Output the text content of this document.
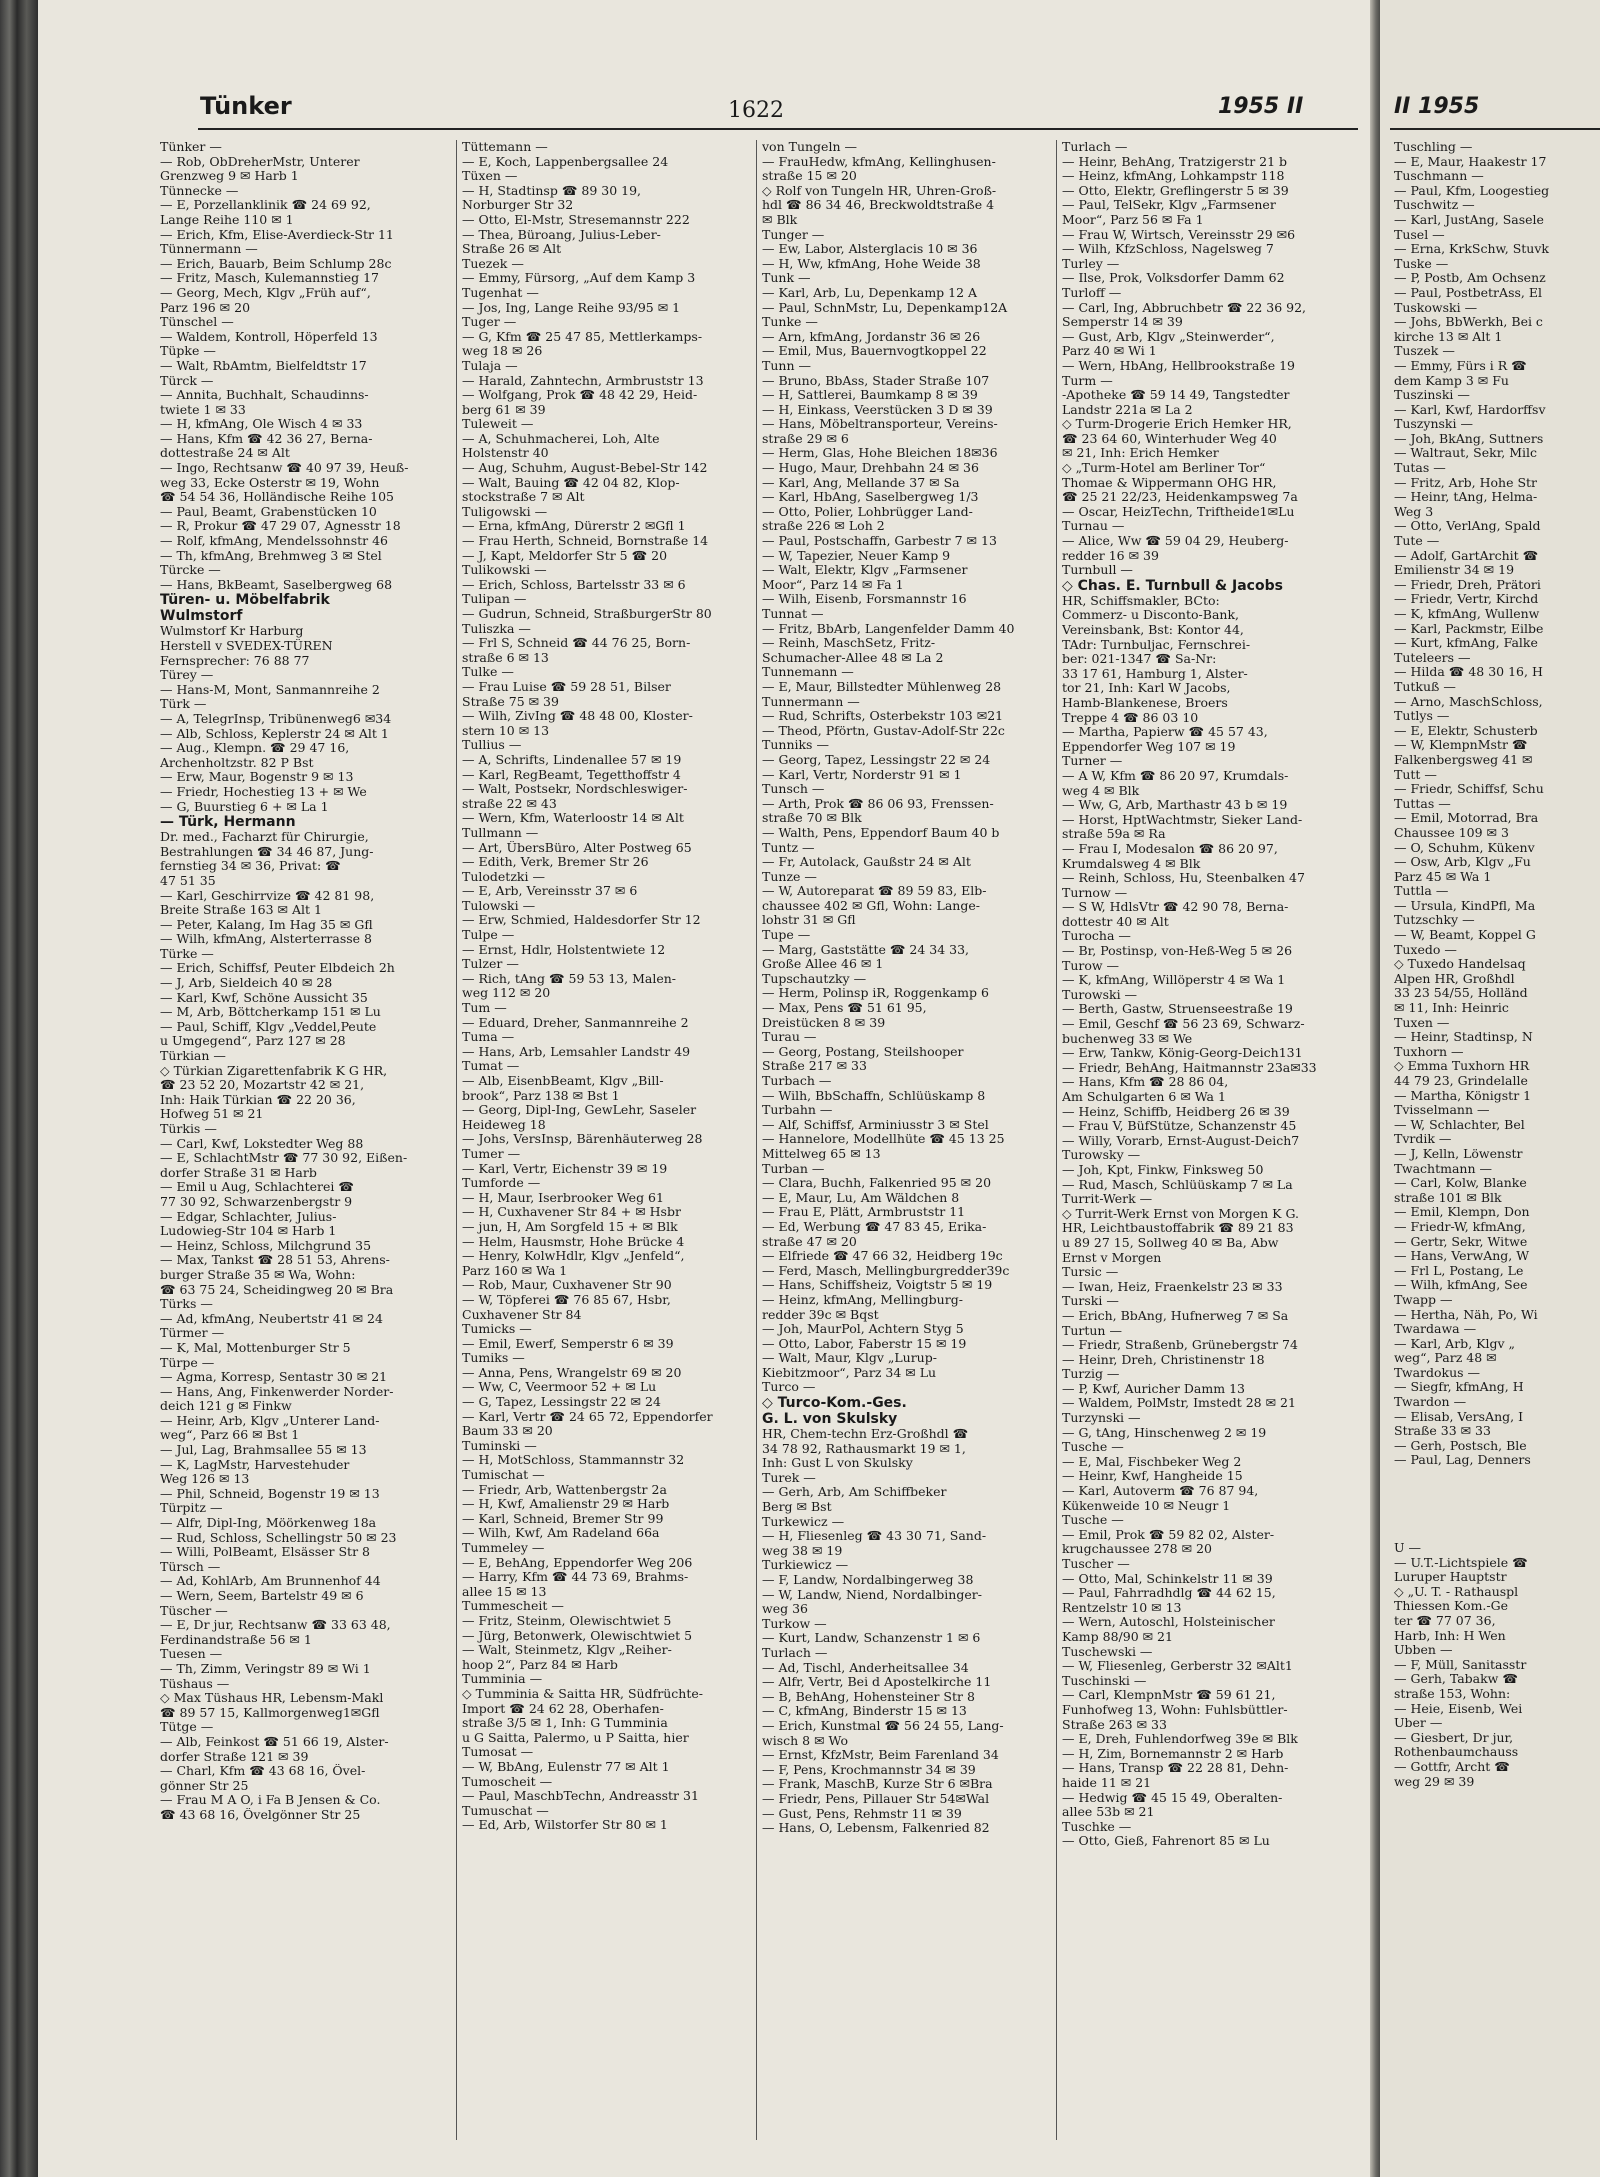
Tünker	1622	1955 II
Tünker —
— Rob, ObDreherMstr, Unterer
Grenzweg 9 ✉ Harb 1
Tünnecke —
— E, Porzellanklinik ☎ 24 69 92,
Lange Reihe 110 ✉ 1
— Erich, Kfm, Elise-Averdieck-Str 11
Tünnermann —
— Erich, Bauarb, Beim Schlump 28c
— Fritz, Masch, Kulemannstieg 17
— Georg, Mech, Klgv „Früh auf“,
Parz 196 ✉ 20
Tünschel —
— Waldem, Kontroll, Höperfeld 13
Tüpke —
— Walt, RbAmtm, Bielfeldtstr 17
Türck —
— Annita, Buchhalt, Schaudinns-
twiete 1 ✉ 33
— H, kfmAng, Ole Wisch 4 ✉ 33
— Hans, Kfm ☎ 42 36 27, Berna-
dottestraße 24 ✉ Alt
— Ingo, Rechtsanw ☎ 40 97 39, Heuß-
weg 33, Ecke Osterstr ✉ 19, Wohn
☎ 54 54 36, Holländische Reihe 105
— Paul, Beamt, Grabenstücken 10
— R, Prokur ☎ 47 29 07, Agnesstr 18
— Rolf, kfmAng, Mendelssohnstr 46
— Th, kfmAng, Brehmweg 3 ✉ Stel
Türcke —
— Hans, BkBeamt, Saselbergweg 68
Türen- u. Möbelfabrik
Wulmstorf
Wulmstorf Kr Harburg
Herstell v SVEDEX-TÜREN
Fernsprecher: 76 88 77
Türey —
— Hans-M, Mont, Sanmannreihe 2
Türk —
— A, TelegrInsp, Tribünenweg6 ✉34
— Alb, Schloss, Keplerstr 24 ✉ Alt 1
— Aug., Klempn. ☎ 29 47 16,
Archenholtzstr. 82 P Bst
— Erw, Maur, Bogenstr 9 ✉ 13
— Friedr, Hochestieg 13 + ✉ We
— G, Buurstieg 6 + ✉ La 1
— Türk, Hermann
Dr. med., Facharzt für Chirurgie,
Bestrahlungen ☎ 34 46 87, Jung-
fernstieg 34 ✉ 36, Privat: ☎
47 51 35
— Karl, Geschirrvize ☎ 42 81 98,
Breite Straße 163 ✉ Alt 1
— Peter, Kalang, Im Hag 35 ✉ Gfl
— Wilh, kfmAng, Alsterterrasse 8
Türke —
— Erich, Schiffsf, Peuter Elbdeich 2h
— J, Arb, Sieldeich 40 ✉ 28
— Karl, Kwf, Schöne Aussicht 35
— M, Arb, Böttcherkamp 151 ✉ Lu
— Paul, Schiff, Klgv „Veddel,Peute
u Umgegend“, Parz 127 ✉ 28
Türkian —
◇ Türkian Zigarettenfabrik K G HR,
☎ 23 52 20, Mozartstr 42 ✉ 21,
Inh: Haik Türkian ☎ 22 20 36,
Hofweg 51 ✉ 21
Türkis —
— Carl, Kwf, Lokstedter Weg 88
— E, SchlachtMstr ☎ 77 30 92, Eißen-
dorfer Straße 31 ✉ Harb
— Emil u Aug, Schlachterei ☎
77 30 92, Schwarzenbergstr 9
— Edgar, Schlachter, Julius-
Ludowieg-Str 104 ✉ Harb 1
— Heinz, Schloss, Milchgrund 35
— Max, Tankst ☎ 28 51 53, Ahrens-
burger Straße 35 ✉ Wa, Wohn:
☎ 63 75 24, Scheidingweg 20 ✉ Bra
Türks —
— Ad, kfmAng, Neubertstr 41 ✉ 24
Türmer —
— K, Mal, Mottenburger Str 5
Türpe —
— Agma, Korresp, Sentastr 30 ✉ 21
— Hans, Ang, Finkenwerder Norder-
deich 121 g ✉ Finkw
— Heinr, Arb, Klgv „Unterer Land-
weg“, Parz 66 ✉ Bst 1
— Jul, Lag, Brahmsallee 55 ✉ 13
— K, LagMstr, Harvestehuder
Weg 126 ✉ 13
— Phil, Schneid, Bogenstr 19 ✉ 13
Türpitz —
— Alfr, Dipl-Ing, Möörkenweg 18a
— Rud, Schloss, Schellingstr 50 ✉ 23
— Willi, PolBeamt, Elsässer Str 8
Türsch —
— Ad, KohlArb, Am Brunnenhof 44
— Wern, Seem, Bartelstr 49 ✉ 6
Tüscher —
— E, Dr jur, Rechtsanw ☎ 33 63 48,
Ferdinandstraße 56 ✉ 1
Tuesen —
— Th, Zimm, Veringstr 89 ✉ Wi 1
Tüshaus —
◇ Max Tüshaus HR, Lebensm-Makl
☎ 89 57 15, Kallmorgenweg1✉Gfl
Tütge —
— Alb, Feinkost ☎ 51 66 19, Alster-
dorfer Straße 121 ✉ 39
— Charl, Kfm ☎ 43 68 16, Övel-
gönner Str 25
— Frau M A O, i Fa B Jensen & Co.
☎ 43 68 16, Övelgönner Str 25
Tüttemann —
— E, Koch, Lappenbergsallee 24
Tüxen —
— H, Stadtinsp ☎ 89 30 19,
Norburger Str 32
— Otto, El-Mstr, Stresemannstr 222
— Thea, Büroang, Julius-Leber-
Straße 26 ✉ Alt
Tuezek —
— Emmy, Fürsorg, „Auf dem Kamp 3
Tugenhat —
— Jos, Ing, Lange Reihe 93/95 ✉ 1
Tuger —
— G, Kfm ☎ 25 47 85, Mettlerkamps-
weg 18 ✉ 26
Tulaja —
— Harald, Zahntechn, Armbruststr 13
— Wolfgang, Prok ☎ 48 42 29, Heid-
berg 61 ✉ 39
Tuleweit —
— A, Schuhmacherei, Loh, Alte
Holstenstr 40
— Aug, Schuhm, August-Bebel-Str 142
— Walt, Bauing ☎ 42 04 82, Klop-
stockstraße 7 ✉ Alt
Tuligowski —
— Erna, kfmAng, Dürerstr 2 ✉Gfl 1
— Frau Herth, Schneid, Bornstraße 14
— J, Kapt, Meldorfer Str 5 ☎ 20
Tulikowski —
— Erich, Schloss, Bartelsstr 33 ✉ 6
Tulipan —
— Gudrun, Schneid, StraßburgerStr 80
Tuliszka —
— Frl S, Schneid ☎ 44 76 25, Born-
straße 6 ✉ 13
Tulke —
— Frau Luise ☎ 59 28 51, Bilser
Straße 75 ✉ 39
— Wilh, ZivIng ☎ 48 48 00, Kloster-
stern 10 ✉ 13
Tullius —
— A, Schrifts, Lindenallee 57 ✉ 19
— Karl, RegBeamt, Tegetthoffstr 4
— Walt, Postsekr, Nordschleswiger-
straße 22 ✉ 43
— Wern, Kfm, Waterloostr 14 ✉ Alt
Tullmann —
— Art, ÜbersBüro, Alter Postweg 65
— Edith, Verk, Bremer Str 26
Tulodetzki —
— E, Arb, Vereinsstr 37 ✉ 6
Tulowski —
— Erw, Schmied, Haldesdorfer Str 12
Tulpe —
— Ernst, Hdlr, Holstentwiete 12
Tulzer —
— Rich, tAng ☎ 59 53 13, Malen-
weg 112 ✉ 20
Tum —
— Eduard, Dreher, Sanmannreihe 2
Tuma —
— Hans, Arb, Lemsahler Landstr 49
Tumat —
— Alb, EisenbBeamt, Klgv „Bill-
brook“, Parz 138 ✉ Bst 1
— Georg, Dipl-Ing, GewLehr, Saseler
Heideweg 18
— Johs, VersInsp, Bärenhäuterweg 28
Tumer —
— Karl, Vertr, Eichenstr 39 ✉ 19
Tumforde —
— H, Maur, Iserbrooker Weg 61
— H, Cuxhavener Str 84 + ✉ Hsbr
— jun, H, Am Sorgfeld 15 + ✉ Blk
— Helm, Hausmstr, Hohe Brücke 4
— Henry, KolwHdlr, Klgv „Jenfeld“,
Parz 160 ✉ Wa 1
— Rob, Maur, Cuxhavener Str 90
— W, Töpferei ☎ 76 85 67, Hsbr,
Cuxhavener Str 84
Tumicks —
— Emil, Ewerf, Semperstr 6 ✉ 39
Tumiks —
— Anna, Pens, Wrangelstr 69 ✉ 20
— Ww, C, Veermoor 52 + ✉ Lu
— G, Tapez, Lessingstr 22 ✉ 24
— Karl, Vertr ☎ 24 65 72, Eppendorfer
Baum 33 ✉ 20
Tuminski —
— H, MotSchloss, Stammannstr 32
Tumischat —
— Friedr, Arb, Wattenbergstr 2a
— H, Kwf, Amalienstr 29 ✉ Harb
— Karl, Schneid, Bremer Str 99
— Wilh, Kwf, Am Radeland 66a
Tummeley —
— E, BehAng, Eppendorfer Weg 206
— Harry, Kfm ☎ 44 73 69, Brahms-
allee 15 ✉ 13
Tummescheit —
— Fritz, Steinm, Olewischtwiet 5
— Jürg, Betonwerk, Olewischtwiet 5
— Walt, Steinmetz, Klgv „Reiher-
hoop 2“, Parz 84 ✉ Harb
Tumminia —
◇ Tumminia & Saitta HR, Südfrüchte-
Import ☎ 24 62 28, Oberhafen-
straße 3/5 ✉ 1, Inh: G Tumminia
u G Saitta, Palermo, u P Saitta, hier
Tumosat —
— W, BbAng, Eulenstr 77 ✉ Alt 1
Tumoscheit —
— Paul, MaschbTechn, Andreasstr 31
Tumuschat —
— Ed, Arb, Wilstorfer Str 80 ✉ 1
von Tungeln —
— FrauHedw, kfmAng, Kellinghusen-
straße 15 ✉ 20
◇ Rolf von Tungeln HR, Uhren-Groß-
hdl ☎ 86 34 46, Breckwoldtstraße 4
✉ Blk
Tunger —
— Ew, Labor, Alsterglacis 10 ✉ 36
— H, Ww, kfmAng, Hohe Weide 38
Tunk —
— Karl, Arb, Lu, Depenkamp 12 A
— Paul, SchnMstr, Lu, Depenkamp12A
Tunke —
— Arn, kfmAng, Jordanstr 36 ✉ 26
— Emil, Mus, Bauernvogtkoppel 22
Tunn —
— Bruno, BbAss, Stader Straße 107
— H, Sattlerei, Baumkamp 8 ✉ 39
— H, Einkass, Veerstücken 3 D ✉ 39
— Hans, Möbeltransporteur, Vereins-
straße 29 ✉ 6
— Herm, Glas, Hohe Bleichen 18✉36
— Hugo, Maur, Drehbahn 24 ✉ 36
— Karl, Ang, Mellande 37 ✉ Sa
— Karl, HbAng, Saselbergweg 1/3
— Otto, Polier, Lohbrügger Land-
straße 226 ✉ Loh 2
— Paul, Postschaffn, Garbestr 7 ✉ 13
— W, Tapezier, Neuer Kamp 9
— Walt, Elektr, Klgv „Farmsener
Moor“, Parz 14 ✉ Fa 1
— Wilh, Eisenb, Forsmannstr 16
Tunnat —
— Fritz, BbArb, Langenfelder Damm 40
— Reinh, MaschSetz, Fritz-
Schumacher-Allee 48 ✉ La 2
Tunnemann —
— E, Maur, Billstedter Mühlenweg 28
Tunnermann —
— Rud, Schrifts, Osterbekstr 103 ✉21
— Theod, Pförtn, Gustav-Adolf-Str 22c
Tunniks —
— Georg, Tapez, Lessingstr 22 ✉ 24
— Karl, Vertr, Norderstr 91 ✉ 1
Tunsch —
— Arth, Prok ☎ 86 06 93, Frenssen-
straße 70 ✉ Blk
— Walth, Pens, Eppendorf Baum 40 b
Tuntz —
— Fr, Autolack, Gaußstr 24 ✉ Alt
Tunze —
— W, Autoreparat ☎ 89 59 83, Elb-
chaussee 402 ✉ Gfl, Wohn: Lange-
lohstr 31 ✉ Gfl
Tupe —
— Marg, Gaststätte ☎ 24 34 33,
Große Allee 46 ✉ 1
Tupschautzky —
— Herm, Polinsp iR, Roggenkamp 6
— Max, Pens ☎ 51 61 95,
Dreistücken 8 ✉ 39
Turau —
— Georg, Postang, Steilshooper
Straße 217 ✉ 33
Turbach —
— Wilh, BbSchaffn, Schlüüskamp 8
Turbahn —
— Alf, Schiffsf, Arminiusstr 3 ✉ Stel
— Hannelore, Modellhüte ☎ 45 13 25
Mittelweg 65 ✉ 13
Turban —
— Clara, Buchh, Falkenried 95 ✉ 20
— E, Maur, Lu, Am Wäldchen 8
— Frau E, Plätt, Armbruststr 11
— Ed, Werbung ☎ 47 83 45, Erika-
straße 47 ✉ 20
— Elfriede ☎ 47 66 32, Heidberg 19c
— Ferd, Masch, Mellingburgredder39c
— Hans, Schiffsheiz, Voigtstr 5 ✉ 19
— Heinz, kfmAng, Mellingburg-
redder 39c ✉ Bqst
— Joh, MaurPol, Achtern Styg 5
— Otto, Labor, Faberstr 15 ✉ 19
— Walt, Maur, Klgv „Lurup-
Kiebitzmoor“, Parz 34 ✉ Lu
Turco —
◇ Turco-Kom.-Ges.
G. L. von Skulsky
HR, Chem-techn Erz-Großhdl ☎
34 78 92, Rathausmarkt 19 ✉ 1,
Inh: Gust L von Skulsky
Turek —
— Gerh, Arb, Am Schiffbeker
Berg ✉ Bst
Turkewicz —
— H, Fliesenleg ☎ 43 30 71, Sand-
weg 38 ✉ 19
Turkiewicz —
— F, Landw, Nordalbingerweg 38
— W, Landw, Niend, Nordalbinger-
weg 36
Turkow —
— Kurt, Landw, Schanzenstr 1 ✉ 6
Turlach —
— Ad, Tischl, Anderheitsallee 34
— Alfr, Vertr, Bei d Apostelkirche 11
— B, BehAng, Hohensteiner Str 8
— C, kfmAng, Binderstr 15 ✉ 13
— Erich, Kunstmal ☎ 56 24 55, Lang-
wisch 8 ✉ Wo
— Ernst, KfzMstr, Beim Farenland 34
— F, Pens, Krochmannstr 34 ✉ 39
— Frank, MaschB, Kurze Str 6 ✉Bra
— Friedr, Pens, Pillauer Str 54✉Wal
— Gust, Pens, Rehmstr 11 ✉ 39
— Hans, O, Lebensm, Falkenried 82
Turlach —
— Heinr, BehAng, Tratzigerstr 21 b
— Heinz, kfmAng, Lohkampstr 118
— Otto, Elektr, Greflingerstr 5 ✉ 39
— Paul, TelSekr, Klgv „Farmsener
Moor“, Parz 56 ✉ Fa 1
— Frau W, Wirtsch, Vereinsstr 29 ✉6
— Wilh, KfzSchloss, Nagelsweg 7
Turley —
— Ilse, Prok, Volksdorfer Damm 62
Turloff —
— Carl, Ing, Abbruchbetr ☎ 22 36 92,
Semperstr 14 ✉ 39
— Gust, Arb, Klgv „Steinwerder“,
Parz 40 ✉ Wi 1
— Wern, HbAng, Hellbrookstraße 19
Turm —
-Apotheke ☎ 59 14 49, Tangstedter
Landstr 221a ✉ La 2
◇ Turm-Drogerie Erich Hemker HR,
☎ 23 64 60, Winterhuder Weg 40
✉ 21, Inh: Erich Hemker
◇ „Turm-Hotel am Berliner Tor“
Thomae & Wippermann OHG HR,
☎ 25 21 22/23, Heidenkampsweg 7a
— Oscar, HeizTechn, Triftheide1✉Lu
Turnau —
— Alice, Ww ☎ 59 04 29, Heuberg-
redder 16 ✉ 39
Turnbull —
◇ Chas. E. Turnbull & Jacobs
HR, Schiffsmakler, BCto:
Commerz- u Disconto-Bank,
Vereinsbank, Bst: Kontor 44,
TAdr: Turnbuljac, Fernschrei-
ber: 021-1347 ☎ Sa-Nr:
33 17 61, Hamburg 1, Alster-
tor 21, Inh: Karl W Jacobs,
Hamb-Blankenese, Broers
Treppe 4 ☎ 86 03 10
— Martha, Papierw ☎ 45 57 43,
Eppendorfer Weg 107 ✉ 19
Turner —
— A W, Kfm ☎ 86 20 97, Krumdals-
weg 4 ✉ Blk
— Ww, G, Arb, Marthastr 43 b ✉ 19
— Horst, HptWachtmstr, Sieker Land-
straße 59a ✉ Ra
— Frau I, Modesalon ☎ 86 20 97,
Krumdalsweg 4 ✉ Blk
— Reinh, Schloss, Hu, Steenbalken 47
Turnow —
— S W, HdlsVtr ☎ 42 90 78, Berna-
dottestr 40 ✉ Alt
Turocha —
— Br, Postinsp, von-Heß-Weg 5 ✉ 26
Turow —
— K, kfmAng, Willöperstr 4 ✉ Wa 1
Turowski —
— Berth, Gastw, Struenseestraße 19
— Emil, Geschf ☎ 56 23 69, Schwarz-
buchenweg 33 ✉ We
— Erw, Tankw, König-Georg-Deich131
— Friedr, BehAng, Haitmannstr 23a✉33
— Hans, Kfm ☎ 28 86 04,
Am Schulgarten 6 ✉ Wa 1
— Heinz, Schiffb, Heidberg 26 ✉ 39
— Frau V, BüfStütze, Schanzenstr 45
— Willy, Vorarb, Ernst-August-Deich7
Turowsky —
— Joh, Kpt, Finkw, Finksweg 50
— Rud, Masch, Schlüüskamp 7 ✉ La
Turrit-Werk —
◇ Turrit-Werk Ernst von Morgen K G.
HR, Leichtbaustoffabrik ☎ 89 21 83
u 89 27 15, Sollweg 40 ✉ Ba, Abw
Ernst v Morgen
Tursic —
— Iwan, Heiz, Fraenkelstr 23 ✉ 33
Turski —
— Erich, BbAng, Hufnerweg 7 ✉ Sa
Turtun —
— Friedr, Straßenb, Grünebergstr 74
— Heinr, Dreh, Christinenstr 18
Turzig —
— P, Kwf, Auricher Damm 13
— Waldem, PolMstr, Imstedt 28 ✉ 21
Turzynski —
— G, tAng, Hinschenweg 2 ✉ 19
Tusche —
— E, Mal, Fischbeker Weg 2
— Heinr, Kwf, Hangheide 15
— Karl, Autoverm ☎ 76 87 94,
Kükenweide 10 ✉ Neugr 1
Tusche —
— Emil, Prok ☎ 59 82 02, Alster-
krugchaussee 278 ✉ 20
Tuscher —
— Otto, Mal, Schinkelstr 11 ✉ 39
— Paul, Fahrradhdlg ☎ 44 62 15,
Rentzelstr 10 ✉ 13
— Wern, Autoschl, Holsteinischer
Kamp 88/90 ✉ 21
Tuschewski —
— W, Fliesenleg, Gerberstr 32 ✉Alt1
Tuschinski —
— Carl, KlempnMstr ☎ 59 61 21,
Funhofweg 13, Wohn: Fuhlsbüttler-
Straße 263 ✉ 33
— E, Dreh, Fuhlendorfweg 39e ✉ Blk
— H, Zim, Bornemannstr 2 ✉ Harb
— Hans, Transp ☎ 22 28 81, Dehn-
haide 11 ✉ 21
— Hedwig ☎ 45 15 49, Oberalten-
allee 53b ✉ 21
Tuschke —
— Otto, Gieß, Fahrenort 85 ✉ Lu
II 1955
Tuschling —
— E, Maur, Haakestr 17
Tuschmann —
— Paul, Kfm, Loogestieg
Tuschwitz —
— Karl, JustAng, Sasele
Tusel —
— Erna, KrkSchw, Stuvk
Tuske —
— P, Postb, Am Ochsenz
— Paul, PostbetrAss, El
Tuskowski —
— Johs, BbWerkh, Bei c
kirche 13 ✉ Alt 1
Tuszek —
— Emmy, Fürs i R ☎
dem Kamp 3 ✉ Fu
Tuszinski —
— Karl, Kwf, Hardorffsv
Tuszynski —
— Joh, BkAng, Suttners
— Waltraut, Sekr, Milc
Tutas —
— Fritz, Arb, Hohe Str
— Heinr, tAng, Helma-
Weg 3
— Otto, VerlAng, Spald
Tute —
— Adolf, GartArchit ☎
Emilienstr 34 ✉ 19
— Friedr, Dreh, Prätori
— Friedr, Vertr, Kirchd
— K, kfmAng, Wullenw
— Karl, Packmstr, Eilbe
— Kurt, kfmAng, Falke
Tuteleers —
— Hilda ☎ 48 30 16, H
Tutkuß —
— Arno, MaschSchloss,
Tutlys —
— E, Elektr, Schusterb
— W, KlempnMstr ☎
Falkenbergsweg 41 ✉
Tutt —
— Friedr, Schiffsf, Schu
Tuttas —
— Emil, Motorrad, Bra
Chaussee 109 ✉ 3
— O, Schuhm, Kükenv
— Osw, Arb, Klgv „Fu
Parz 45 ✉ Wa 1
Tuttla —
— Ursula, KindPfl, Ma
Tutzschky —
— W, Beamt, Koppel G
Tuxedo —
◇ Tuxedo Handelsaq
Alpen HR, Großhdl
33 23 54/55, Holländ
✉ 11, Inh: Heinric
Tuxen —
— Heinr, Stadtinsp, N
Tuxhorn —
◇ Emma Tuxhorn HR
44 79 23, Grindelalle
— Martha, Königstr 1
Tvisselmann —
— W, Schlachter, Bel
Tvrdik —
— J, Kelln, Löwenstr
Twachtmann —
— Carl, Kolw, Blanke
straße 101 ✉ Blk
— Emil, Klempn, Don
— Friedr-W, kfmAng,
— Gertr, Sekr, Witwe
— Hans, VerwAng, W
— Frl L, Postang, Le
— Wilh, kfmAng, See
Twapp —
— Hertha, Näh, Po, Wi
Twardawa —
— Karl, Arb, Klgv „
weg“, Parz 48 ✉
Twardokus —
— Siegfr, kfmAng, H
Twardon —
— Elisab, VersAng, I
Straße 33 ✉ 33
— Gerh, Postsch, Ble
— Paul, Lag, Denners

U —
— U.T.-Lichtspiele ☎
Luruper Hauptstr
◇ „U. T. - Rathauspl
Thiessen Kom.-Ge
ter ☎ 77 07 36,
Harb, Inh: H Wen
Ubben —
— F, Müll, Sanitasstr
— Gerh, Tabakw ☎
straße 153, Wohn:
— Heie, Eisenb, Wei
Uber —
— Giesbert, Dr jur,
Rothenbaumchauss
— Gottfr, Archt ☎
weg 29 ✉ 39
